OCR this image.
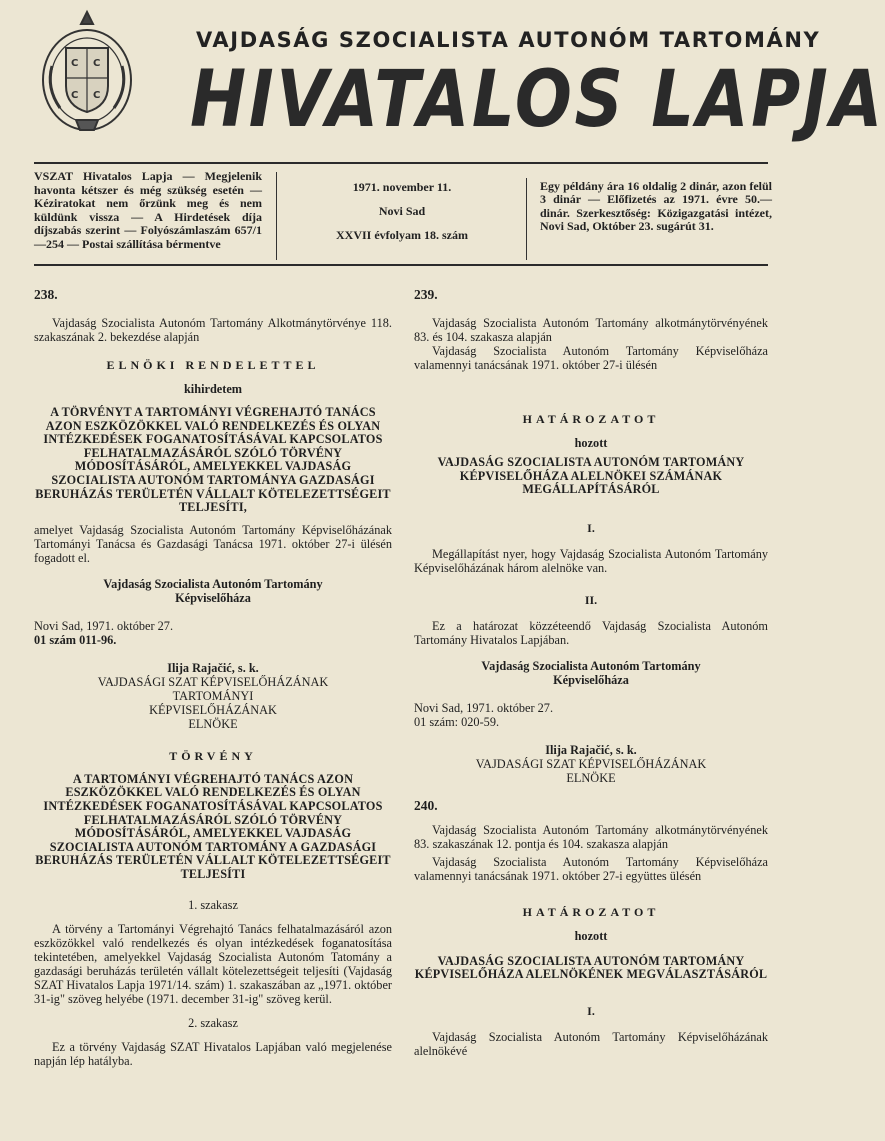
C C
C C
VAJDASÁG SZOCIALISTA AUTONÓM TARTOMÁNY
HIVATALOS LAPJA
VSZAT Hivatalos Lapja — Megjelenik havonta kétszer és még szükség esetén — Kéziratokat nem őrzünk meg és nem küldünk vissza — A Hirdetések díja díjszabás szerint — Folyószámlaszám 657/1—254 — Postai szállítása bérmentve
1971. november 11.
Novi Sad
XXVII évfolyam 18. szám
Egy példány ára 16 oldalig 2 dinár, azon felül 3 dinár — Előfizetés az 1971. évre 50.— dinár. Szerkesztőség: Közigazgatási intézet, Novi Sad, Október 23. sugárút 31.
238.
Vajdaság Szocialista Autonóm Tartomány Alkotmánytörvénye 118. szakaszának 2. bekezdése alapján
ELNÖKI RENDELETTEL
kihirdetem
A TÖRVÉNYT A TARTOMÁNYI VÉGREHAJTÓ TANÁCS AZON ESZKÖZÖKKEL VALÓ RENDELKEZÉS ÉS OLYAN INTÉZKEDÉSEK FOGANATOSÍTÁSÁVAL KAPCSOLATOS FELHATALMAZÁSÁRÓL SZÓLÓ TÖRVÉNY MÓDOSÍTÁSÁRÓL, AMELYEKKEL VAJDASÁG SZOCIALISTA AUTONÓM TARTOMÁNYA GAZDASÁGI BERUHÁZÁS TERÜLETÉN VÁLLALT KÖTELEZETTSÉGEIT TELJESÍTI,
amelyet Vajdaság Szocialista Autonóm Tartomány Képviselőházának Tartományi Tanácsa és Gazdasági Tanácsa 1971. október 27-i ülésén fogadott el.
Vajdaság Szocialista Autonóm Tartomány
Képviselőháza
Novi Sad, 1971. október 27.
01 szám 011-96.
Ilija Rajačić, s. k.
VAJDASÁGI SZAT KÉPVISELŐHÁZÁNAK
TARTOMÁNYI
KÉPVISELŐHÁZÁNAK
ELNÖKE
TÖRVÉNY
A TARTOMÁNYI VÉGREHAJTÓ TANÁCS AZON ESZKÖZÖKKEL VALÓ RENDELKEZÉS ÉS OLYAN INTÉZKEDÉSEK FOGANATOSÍTÁSÁVAL KAPCSOLATOS FELHATALMAZÁSÁRÓL SZÓLÓ TÖRVÉNY MÓDOSÍTÁSÁRÓL, AMELYEKKEL VAJDASÁG SZOCIALISTA AUTONÓM TARTOMÁNY A GAZDASÁGI BERUHÁZÁS TERÜLETÉN VÁLLALT KÖTELEZETTSÉGEIT TELJESÍTI
1. szakasz
A törvény a Tartományi Végrehajtó Tanács felhatalmazásáról azon eszközökkel való rendelkezés és olyan intézkedések foganatosítása tekintetében, amelyekkel Vajdaság Szocialista Autonóm Tatomány a gazdasági beruházás területén vállalt kötelezettségeit teljesíti (Vajdaság SZAT Hivatalos Lapja 1971/14. szám) 1. szakaszában az „1971. október 31-ig" szöveg helyébe (1971. december 31-ig" szöveg kerül.
2. szakasz
Ez a törvény Vajdaság SZAT Hivatalos Lapjában való megjelenése napján lép hatályba.
239.
Vajdaság Szocialista Autonóm Tartomány alkotmánytörvényének 83. és 104. szakasza alapján
Vajdaság Szocialista Autonóm Tartomány Képviselőháza valamennyi tanácsának 1971. október 27-i ülésén
HATÁROZATOT
hozott
VAJDASÁG SZOCIALISTA AUTONÓM TARTOMÁNY KÉPVISELŐHÁZA ALELNÖKEI SZÁMÁNAK MEGÁLLAPÍTÁSÁRÓL
I.
Megállapítást nyer, hogy Vajdaság Szocialista Autonóm Tartomány Képviselőházának három alelnöke van.
II.
Ez a határozat közzéteendő Vajdaság Szocialista Autonóm Tartomány Hivatalos Lapjában.
Vajdaság Szocialista Autonóm Tartomány
Képviselőháza
Novi Sad, 1971. október 27.
01 szám: 020-59.
Ilija Rajačić, s. k.
VAJDASÁGI SZAT KÉPVISELŐHÁZÁNAK
ELNÖKE
240.
Vajdaság Szocialista Autonóm Tartomány alkotmánytörvényének 83. szakaszának 12. pontja és 104. szakasza alapján
Vajdaság Szocialista Autonóm Tartomány Képviselőháza valamennyi tanácsának 1971. október 27-i együttes ülésén
HATÁROZATOT
hozott
VAJDASÁG SZOCIALISTA AUTONÓM TARTOMÁNY KÉPVISELŐHÁZA ALELNÖKÉNEK MEGVÁLASZTÁSÁRÓL
I.
Vajdaság Szocialista Autonóm Tartomány Képviselőházának alelnökévé
